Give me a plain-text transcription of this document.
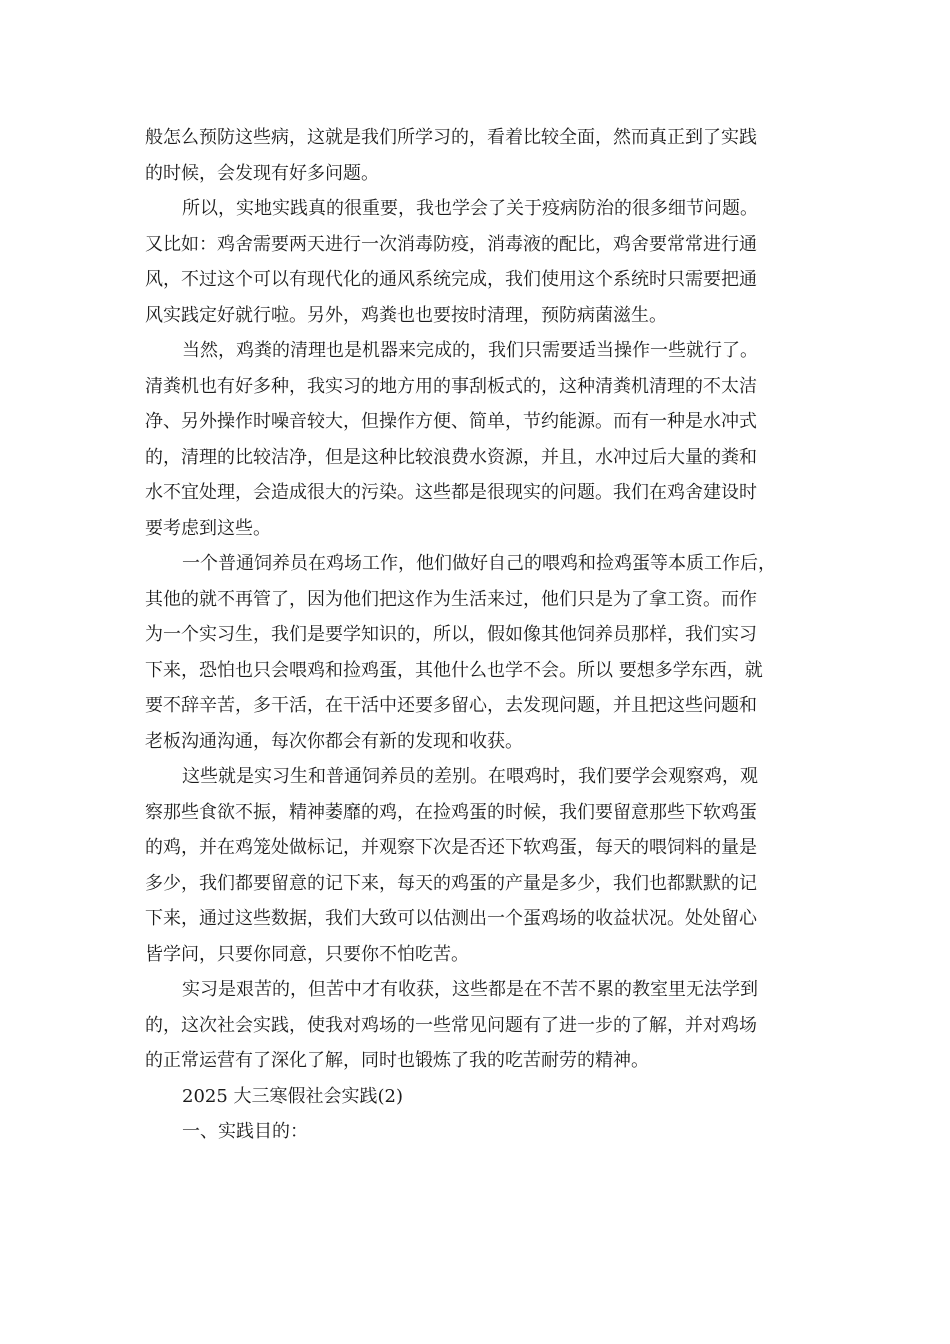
般怎么预防这些病，这就是我们所学习的，看着比较全面，然而真正到了实践
的时候，会发现有好多问题。
所以，实地实践真的很重要，我也学会了关于疫病防治的很多细节问题。
又比如：鸡舍需要两天进行一次消毒防疫，消毒液的配比，鸡舍要常常进行通
风，不过这个可以有现代化的通风系统完成，我们使用这个系统时只需要把通
风实践定好就行啦。另外，鸡粪也也要按时清理，预防病菌滋生。
当然，鸡粪的清理也是机器来完成的，我们只需要适当操作一些就行了。
清粪机也有好多种，我实习的地方用的事刮板式的，这种清粪机清理的不太洁
净、另外操作时噪音较大，但操作方便、简单，节约能源。而有一种是水冲式
的，清理的比较洁净，但是这种比较浪费水资源，并且，水冲过后大量的粪和
水不宜处理，会造成很大的污染。这些都是很现实的问题。我们在鸡舍建设时
要考虑到这些。
一个普通饲养员在鸡场工作，他们做好自己的喂鸡和捡鸡蛋等本质工作后，
其他的就不再管了，因为他们把这作为生活来过，他们只是为了拿工资。而作
为一个实习生，我们是要学知识的，所以，假如像其他饲养员那样，我们实习
下来，恐怕也只会喂鸡和捡鸡蛋，其他什么也学不会。所以 要想多学东西，就
要不辞辛苦，多干活，在干活中还要多留心，去发现问题，并且把这些问题和
老板沟通沟通，每次你都会有新的发现和收获。
这些就是实习生和普通饲养员的差别。在喂鸡时，我们要学会观察鸡，观
察那些食欲不振，精神萎靡的鸡，在捡鸡蛋的时候，我们要留意那些下软鸡蛋
的鸡，并在鸡笼处做标记，并观察下次是否还下软鸡蛋，每天的喂饲料的量是
多少，我们都要留意的记下来，每天的鸡蛋的产量是多少，我们也都默默的记
下来，通过这些数据，我们大致可以估测出一个蛋鸡场的收益状况。处处留心
皆学问，只要你同意，只要你不怕吃苦。
实习是艰苦的，但苦中才有收获，这些都是在不苦不累的教室里无法学到
的，这次社会实践，使我对鸡场的一些常见问题有了进一步的了解，并对鸡场
的正常运营有了深化了解，同时也锻炼了我的吃苦耐劳的精神。
2025 大三寒假社会实践(2)
一、实践目的：
